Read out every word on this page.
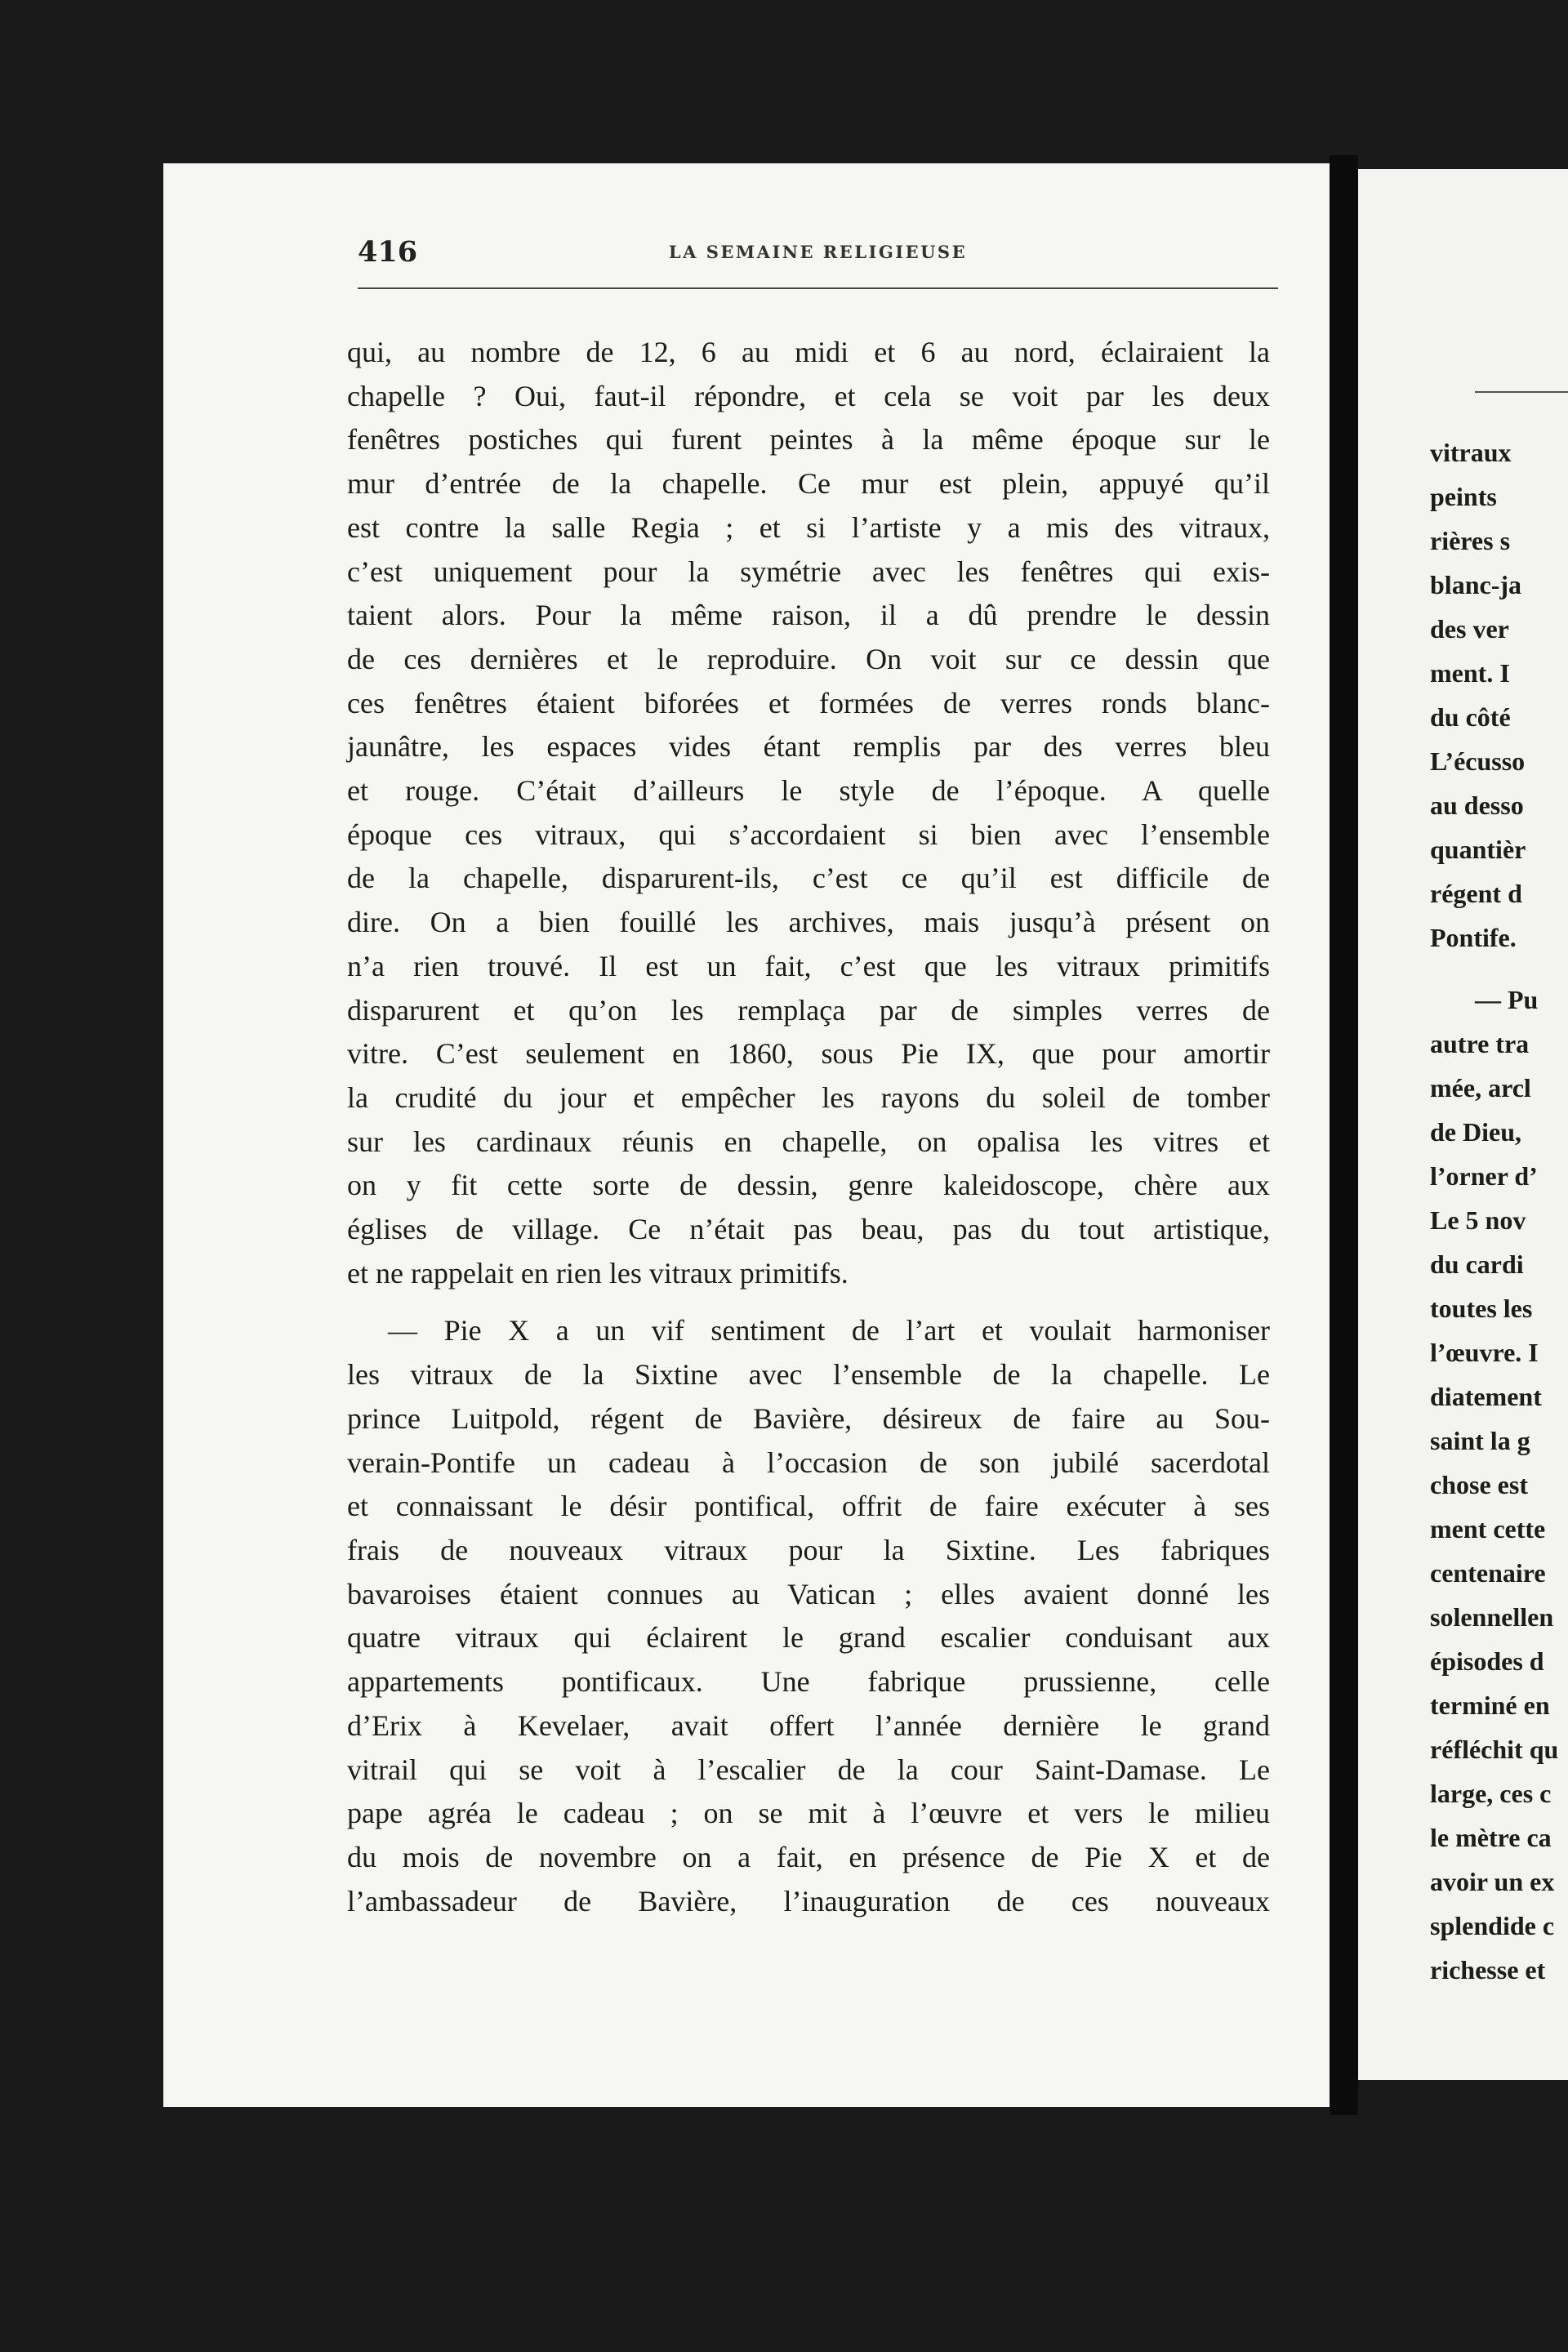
416	LA SEMAINE RELIGIEUSE
qui, au nombre de 12, 6 au midi et 6 au nord, éclairaient la
chapelle ? Oui, faut-il répondre, et cela se voit par les deux
fenêtres postiches qui furent peintes à la même époque sur le
mur d’entrée de la chapelle. Ce mur est plein, appuyé qu’il
est contre la salle Regia ; et si l’artiste y a mis des vitraux,
c’est uniquement pour la symétrie avec les fenêtres qui exis-
taient alors. Pour la même raison, il a dû prendre le dessin
de ces dernières et le reproduire. On voit sur ce dessin que
ces fenêtres étaient biforées et formées de verres ronds blanc-
jaunâtre, les espaces vides étant remplis par des verres bleu
et rouge. C’était d’ailleurs le style de l’époque. A quelle
époque ces vitraux, qui s’accordaient si bien avec l’ensemble
de la chapelle, disparurent-ils, c’est ce qu’il est difficile de
dire. On a bien fouillé les archives, mais jusqu’à présent on
n’a rien trouvé. Il est un fait, c’est que les vitraux primitifs
disparurent et qu’on les remplaça par de simples verres de
vitre. C’est seulement en 1860, sous Pie IX, que pour amortir
la crudité du jour et empêcher les rayons du soleil de tomber
sur les cardinaux réunis en chapelle, on opalisa les vitres et
on y fit cette sorte de dessin, genre kaleidoscope, chère aux
églises de village. Ce n’était pas beau, pas du tout artistique,
et ne rappelait en rien les vitraux primitifs.
— Pie X a un vif sentiment de l’art et voulait harmoniser
les vitraux de la Sixtine avec l’ensemble de la chapelle. Le
prince Luitpold, régent de Bavière, désireux de faire au Sou-
verain-Pontife un cadeau à l’occasion de son jubilé sacerdotal
et connaissant le désir pontifical, offrit de faire exécuter à ses
frais de nouveaux vitraux pour la Sixtine. Les fabriques
bavaroises étaient connues au Vatican ; elles avaient donné les
quatre vitraux qui éclairent le grand escalier conduisant aux
appartements pontificaux. Une fabrique prussienne, celle
d’Erix à Kevelaer, avait offert l’année dernière le grand
vitrail qui se voit à l’escalier de la cour Saint-Damase. Le
pape agréa le cadeau ; on se mit à l’œuvre et vers le milieu
du mois de novembre on a fait, en présence de Pie X et de
l’ambassadeur de Bavière, l’inauguration de ces nouveaux
vitraux
peints
rières s
blanc-ja
des ver
ment. I
du côté
L’écusso
au desso
quantièr
régent d
Pontife.
— Pu
autre tra
mée, arcl
de Dieu,
l’orner d’
Le 5 nov
du cardi
toutes les
l’œuvre. I
diatement
saint la g
chose est
ment cette
centenaire
solennellen
épisodes d
terminé en
réfléchit qu
large, ces c
le mètre ca
avoir un ex
splendide c
richesse et
